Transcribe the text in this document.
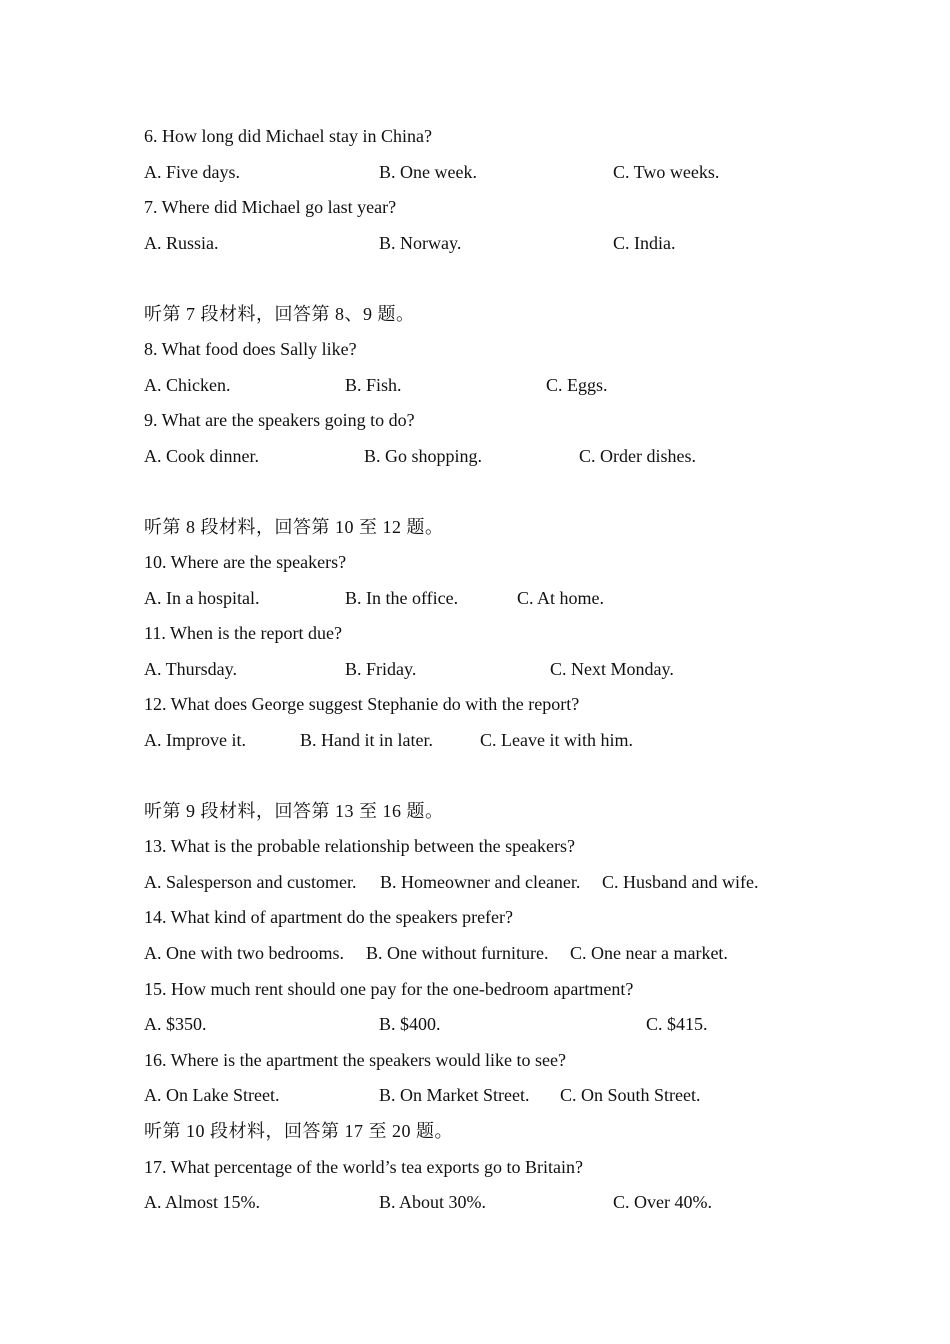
6. How long did Michael stay in China?
A. Five days.	B. One week.	C. Two weeks.
7. Where did Michael go last year?
A. Russia.	B. Norway.	C. India.
听第 7 段材料，回答第 8、9 题。
8. What food does Sally like?
A. Chicken.	B. Fish.	C. Eggs.
9. What are the speakers going to do?
A. Cook dinner.	B. Go shopping.	C. Order dishes.
听第 8 段材料，回答第 10 至 12 题。
10. Where are the speakers?
A. In a hospital.	B. In the office.	C. At home.
11. When is the report due?
A. Thursday.	B. Friday.	C. Next Monday.
12. What does George suggest Stephanie do with the report?
A. Improve it.	B. Hand it in later.	C. Leave it with him.
听第 9 段材料，回答第 13 至 16 题。
13. What is the probable relationship between the speakers?
A. Salesperson and customer. B. Homeowner and cleaner. C. Husband and wife.
14. What kind of apartment do the speakers prefer?
A. One with two bedrooms. B. One without furniture. C. One near a market.
15. How much rent should one pay for the one-bedroom apartment?
A. $350.	B. $400.	C. $415.
16. Where is the apartment the speakers would like to see?
A. On Lake Street.	B. On Market Street. C. On South Street.
听第 10 段材料，回答第 17 至 20 题。
17. What percentage of the world’s tea exports go to Britain?
A. Almost 15%.	B. About 30%.	C. Over 40%.
